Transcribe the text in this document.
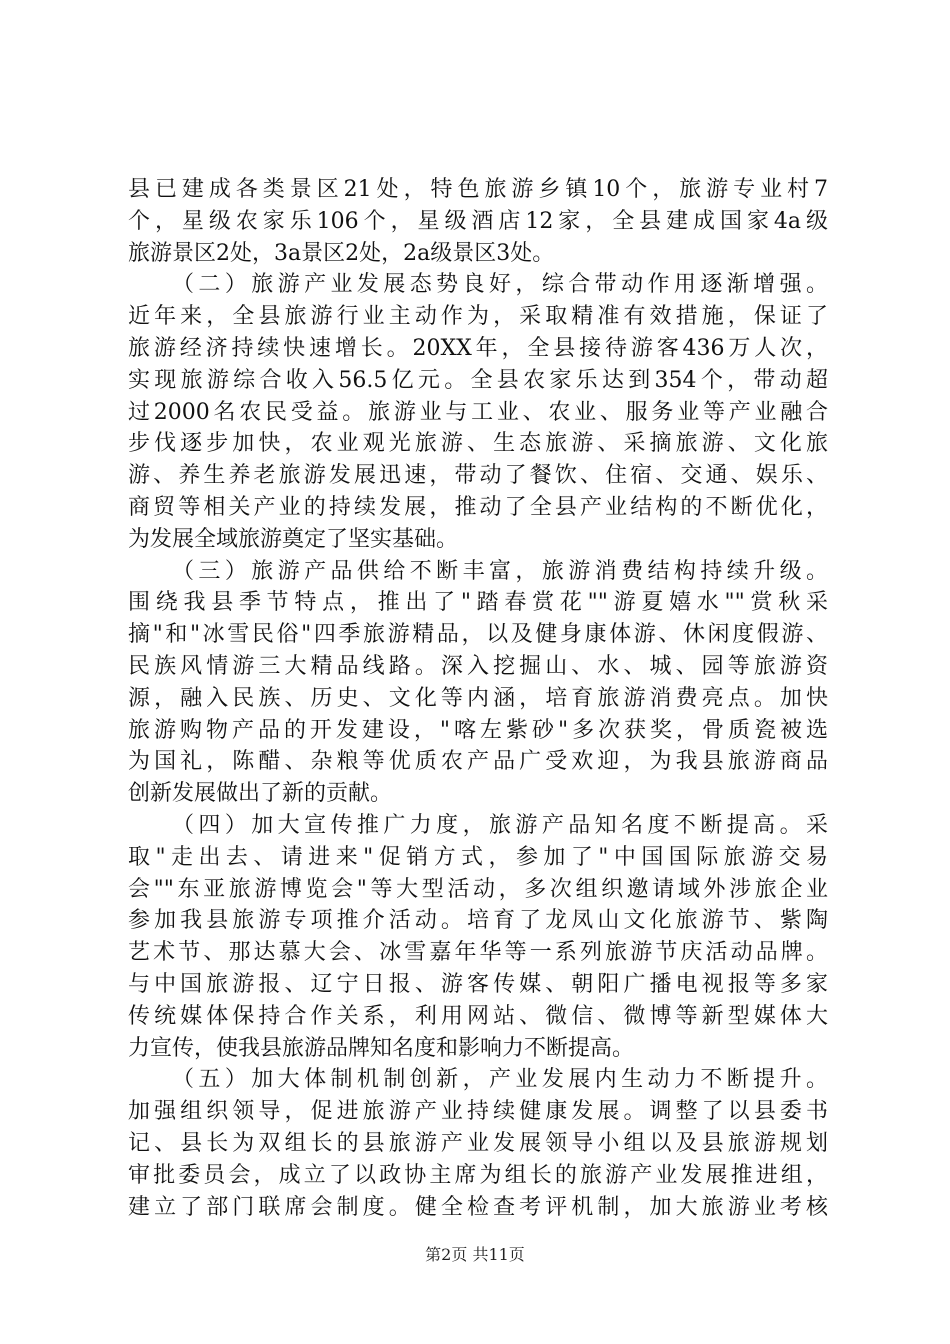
县已建成各类景区21处，特色旅游乡镇10个，旅游专业村7
个，星级农家乐106个，星级酒店12家，全县建成国家4a级
旅游景区2处，3a景区2处，2a级景区3处。
（二）旅游产业发展态势良好，综合带动作用逐渐增强。
近年来，全县旅游行业主动作为，采取精准有效措施，保证了
旅游经济持续快速增长。20XX年，全县接待游客436万人次，
实现旅游综合收入56.5亿元。全县农家乐达到354个，带动超
过2000名农民受益。旅游业与工业、农业、服务业等产业融合
步伐逐步加快，农业观光旅游、生态旅游、采摘旅游、文化旅
游、养生养老旅游发展迅速，带动了餐饮、住宿、交通、娱乐、
商贸等相关产业的持续发展，推动了全县产业结构的不断优化，
为发展全域旅游奠定了坚实基础。
（三）旅游产品供给不断丰富，旅游消费结构持续升级。
围绕我县季节特点，推出了"踏春赏花""游夏嬉水""赏秋采
摘"和"冰雪民俗"四季旅游精品，以及健身康体游、休闲度假游、
民族风情游三大精品线路。深入挖掘山、水、城、园等旅游资
源，融入民族、历史、文化等内涵，培育旅游消费亮点。加快
旅游购物产品的开发建设，"喀左紫砂"多次获奖，骨质瓷被选
为国礼，陈醋、杂粮等优质农产品广受欢迎，为我县旅游商品
创新发展做出了新的贡献。
（四）加大宣传推广力度，旅游产品知名度不断提高。采
取"走出去、请进来"促销方式，参加了"中国国际旅游交易
会""东亚旅游博览会"等大型活动，多次组织邀请域外涉旅企业
参加我县旅游专项推介活动。培育了龙凤山文化旅游节、紫陶
艺术节、那达慕大会、冰雪嘉年华等一系列旅游节庆活动品牌。
与中国旅游报、辽宁日报、游客传媒、朝阳广播电视报等多家
传统媒体保持合作关系，利用网站、微信、微博等新型媒体大
力宣传，使我县旅游品牌知名度和影响力不断提高。
（五）加大体制机制创新，产业发展内生动力不断提升。
加强组织领导，促进旅游产业持续健康发展。调整了以县委书
记、县长为双组长的县旅游产业发展领导小组以及县旅游规划
审批委员会，成立了以政协主席为组长的旅游产业发展推进组，
建立了部门联席会制度。健全检查考评机制，加大旅游业考核
第2页 共11页
